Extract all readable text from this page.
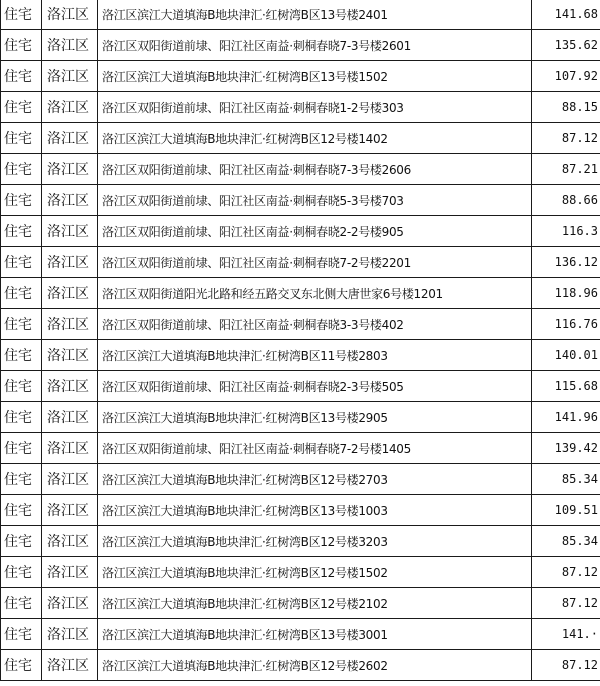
住宅	洛江区	洛江区滨江大道填海B地块津汇·红树湾B区13号楼2401	141.68
住宅	洛江区	洛江区双阳街道前埭、阳江社区南益·刺桐春晓7-3号楼2601	135.62
住宅	洛江区	洛江区滨江大道填海B地块津汇·红树湾B区13号楼1502	107.92
住宅	洛江区	洛江区双阳街道前埭、阳江社区南益·刺桐春晓1-2号楼303	88.15
住宅	洛江区	洛江区滨江大道填海B地块津汇·红树湾B区12号楼1402	87.12
住宅	洛江区	洛江区双阳街道前埭、阳江社区南益·刺桐春晓7-3号楼2606	87.21
住宅	洛江区	洛江区双阳街道前埭、阳江社区南益·刺桐春晓5-3号楼703	88.66
住宅	洛江区	洛江区双阳街道前埭、阳江社区南益·刺桐春晓2-2号楼905	116.3
住宅	洛江区	洛江区双阳街道前埭、阳江社区南益·刺桐春晓7-2号楼2201	136.12
住宅	洛江区	洛江区双阳街道阳光北路和经五路交叉东北侧大唐世家6号楼1201	118.96
住宅	洛江区	洛江区双阳街道前埭、阳江社区南益·刺桐春晓3-3号楼402	116.76
住宅	洛江区	洛江区滨江大道填海B地块津汇·红树湾B区11号楼2803	140.01
住宅	洛江区	洛江区双阳街道前埭、阳江社区南益·刺桐春晓2-3号楼505	115.68
住宅	洛江区	洛江区滨江大道填海B地块津汇·红树湾B区13号楼2905	141.96
住宅	洛江区	洛江区双阳街道前埭、阳江社区南益·刺桐春晓7-2号楼1405	139.42
住宅	洛江区	洛江区滨江大道填海B地块津汇·红树湾B区12号楼2703	85.34
住宅	洛江区	洛江区滨江大道填海B地块津汇·红树湾B区13号楼1003	109.51
住宅	洛江区	洛江区滨江大道填海B地块津汇·红树湾B区12号楼3203	85.34
住宅	洛江区	洛江区滨江大道填海B地块津汇·红树湾B区12号楼1502	87.12
住宅	洛江区	洛江区滨江大道填海B地块津汇·红树湾B区12号楼2102	87.12
住宅	洛江区	洛江区滨江大道填海B地块津汇·红树湾B区13号楼3001	141.·
住宅	洛江区	洛江区滨江大道填海B地块津汇·红树湾B区12号楼2602	87.12
